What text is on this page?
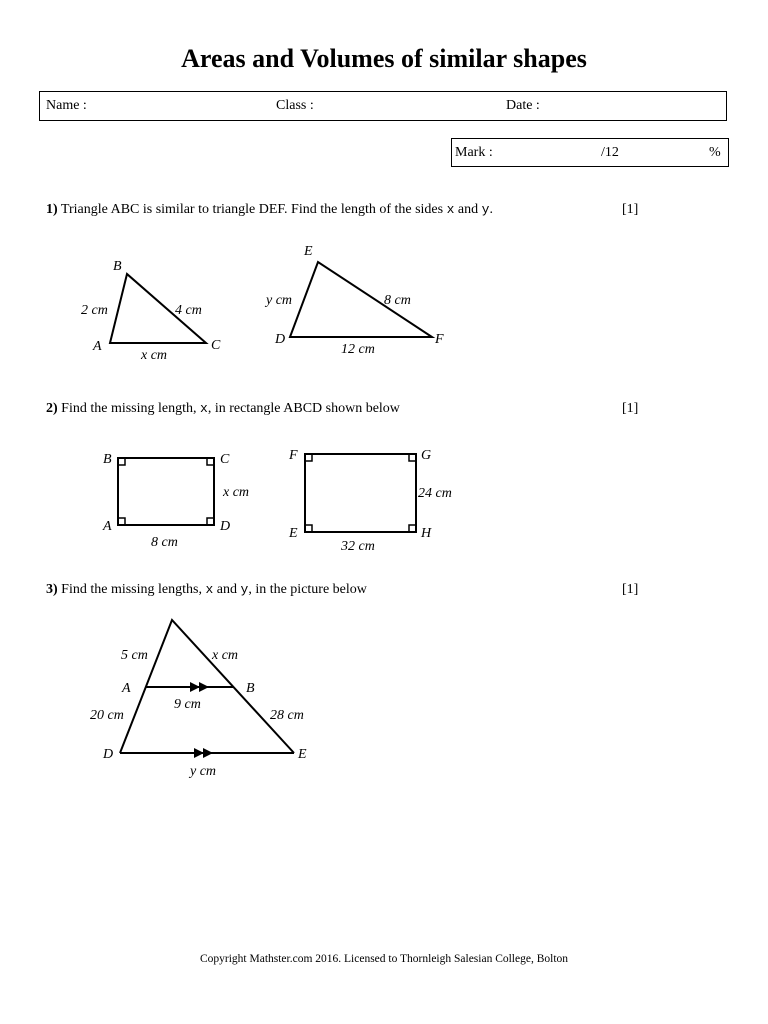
Areas and Volumes of similar shapes
Name :	Class :	Date :
Mark :	/12	%
1) Triangle ABC is similar to triangle DEF. Find the length of the sides x and y.	[1]
2) Find the missing length, x, in rectangle ABCD shown below	[1]
3) Find the missing lengths, x and y, in the picture below	[1]
B
A	C
2 cm	4 cm
x cm
E
D	F
y cm	8 cm
12 cm
B	C
A	D
x cm
8 cm
F	G
E	H
24 cm
32 cm
5 cm	x cm
A	B
9 cm
20 cm	28 cm
D	E
y cm
Copyright Mathster.com 2016. Licensed to Thornleigh Salesian College, Bolton
